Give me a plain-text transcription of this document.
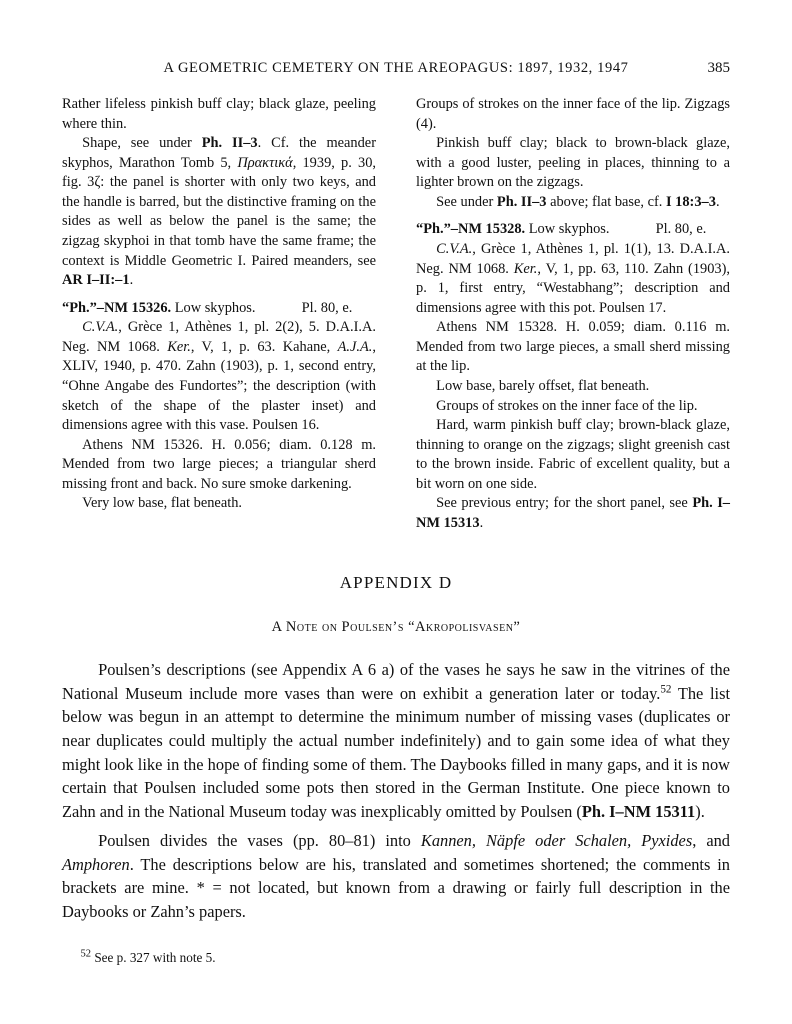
A GEOMETRIC CEMETERY ON THE AREOPAGUS: 1897, 1932, 1947	385

Rather lifeless pinkish buff clay; black glaze, peeling where thin.

Shape, see under Ph. II–3. Cf. the meander skyphos, Marathon Tomb 5, Πρακτικά, 1939, p. 30, fig. 3ζ: the panel is shorter with only two keys, and the handle is barred, but the distinctive framing on the sides as well as below the panel is the same; the zigzag skyphoi in that tomb have the same frame; the context is Middle Geometric I. Paired meanders, see AR I–II:–1.

“Ph.”–NM 15326. Low skyphos.	Pl. 80, e.

C.V.A., Grèce 1, Athènes 1, pl. 2(2), 5. D.A.I.A. Neg. NM 1068. Ker., V, 1, p. 63. Kahane, A.J.A., XLIV, 1940, p. 470. Zahn (1903), p. 1, second entry, “Ohne Angabe des Fundortes”; the description (with sketch of the shape of the plaster inset) and dimensions agree with this vase. Poulsen 16.

Athens NM 15326. H. 0.056; diam. 0.128 m. Mended from two large pieces; a triangular sherd missing front and back. No sure smoke darkening.

Very low base, flat beneath.

Groups of strokes on the inner face of the lip. Zigzags (4).

Pinkish buff clay; black to brown-black glaze, with a good luster, peeling in places, thinning to a lighter brown on the zigzags.

See under Ph. II–3 above; flat base, cf. I 18:3–3.

“Ph.”–NM 15328. Low skyphos.	Pl. 80, e.

C.V.A., Grèce 1, Athènes 1, pl. 1(1), 13. D.A.I.A. Neg. NM 1068. Ker., V, 1, pp. 63, 110. Zahn (1903), p. 1, first entry, “Westabhang”; description and dimensions agree with this pot. Poulsen 17.

Athens NM 15328. H. 0.059; diam. 0.116 m. Mended from two large pieces, a small sherd missing at the lip.

Low base, barely offset, flat beneath.

Groups of strokes on the inner face of the lip.

Hard, warm pinkish buff clay; brown-black glaze, thinning to orange on the zigzags; slight greenish cast to the brown inside. Fabric of excellent quality, but a bit worn on one side.

See previous entry; for the short panel, see Ph. I–NM 15313.

APPENDIX D
A Note on Poulsen’s “Akropolisvasen”

Poulsen’s descriptions (see Appendix A 6 a) of the vases he says he saw in the vitrines of the National Museum include more vases than were on exhibit a generation later or today.$^{52}$ The list below was begun in an attempt to determine the minimum number of missing vases (duplicates or near duplicates could multiply the actual number indefinitely) and to gain some idea of what they might look like in the hope of finding some of them. The Daybooks filled in many gaps, and it is now certain that Poulsen included some pots then stored in the German Institute. One piece known to Zahn and in the National Museum today was inexplicably omitted by Poulsen (Ph. I–NM 15311).

Poulsen divides the vases (pp. 80–81) into Kannen, Näpfe oder Schalen, Pyxides, and Amphoren. The descriptions below are his, translated and sometimes shortened; the comments in brackets are mine. * = not located, but known from a drawing or fairly full description in the Daybooks or Zahn’s papers.

$^{52}$ See p. 327 with note 5.
